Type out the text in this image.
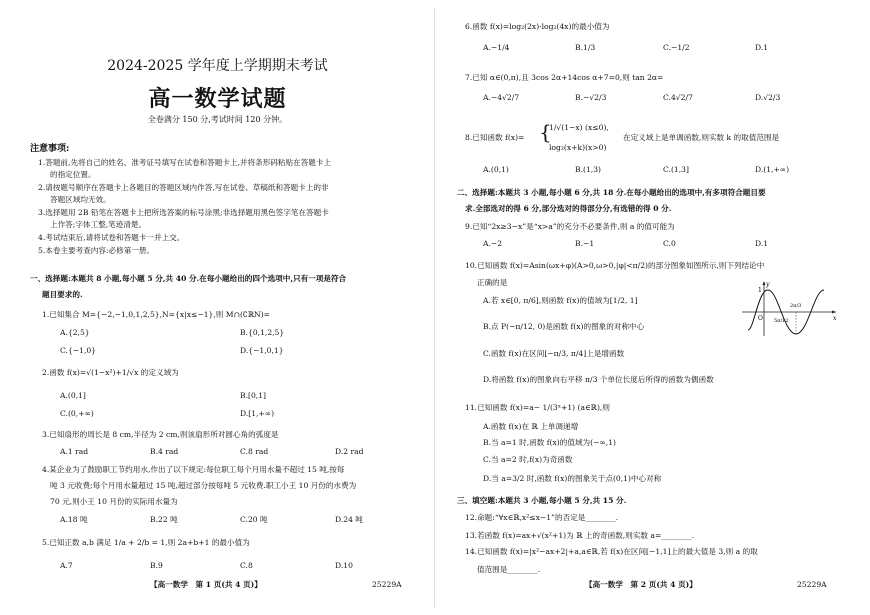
2024-2025 学年度上学期期末考试
高一数学试题
全卷满分 150 分,考试时间 120 分钟。
注意事项:
1.答题前,先将自己的姓名、准考证号填写在试卷和答题卡上,并将条形码粘贴在答题卡上
的指定位置。
2.请按题号顺序在答题卡上各题目的答题区域内作答,写在试卷、草稿纸和答题卡上的非
答题区域均无效。
3.选择题用 2B 铅笔在答题卡上把所选答案的标号涂黑;非选择题用黑色签字笔在答题卡
上作答;字体工整,笔迹清楚。
4.考试结束后,请将试卷和答题卡一并上交。
5.本卷主要考查内容:必修第一册。
一、选择题:本题共 8 小题,每小题 5 分,共 40 分.在每小题给出的四个选项中,只有一项是符合
题目要求的.
1.已知集合 M={−2,−1,0,1,2,5},N={x|x≤−1},则 M∩(∁ℝN)=
A.{2,5}	B.{0,1,2,5}
C.{−1,0}	D.{−1,0,1}
2.函数 f(x)=√(1−x²)+1/√x 的定义域为
A.(0,1]	B.[0,1]
C.(0,+∞)	D.[1,+∞)
3.已知扇形的周长是 8 cm,半径为 2 cm,则该扇形所对圆心角的弧度是
A.1 rad	B.4 rad	C.8 rad	D.2 rad
4.某企业为了鼓励职工节约用水,作出了以下规定:每位职工每个月用水量不超过 15 吨,按每
吨 3 元收费;每个月用水量超过 15 吨,超过部分按每吨 5 元收费.职工小王 10 月份的水费为
70 元,则小王 10 月份的实际用水量为
A.18 吨	B.22 吨	C.20 吨	D.24 吨
5.已知正数 a,b 满足 1/a + 2/b = 1,则 2a+b+1 的最小值为
A.7	B.9	C.8	D.10
【高一数学　第 1 页(共 4 页)】	25229A
6.函数 f(x)=log₂(2x)·log₂(4x)的最小值为
A.−1/4	B.1/3	C.−1/2	D.1
7.已知 α∈(0,π),且 3cos 2α+14cos α+7=0,则 tan 2α=
A.−4√2/7	B.−√2/3	C.4√2/7	D.√2/3
8.已知函数 f(x)= {
1/√(1−x) (x≤0),
log₂(x+k)(x>0)
在定义域上是单调函数,则实数 k 的取值范围是
A.(0,1)	B.(1,3)	C.(1,3]	D.(1,+∞)
二、选择题:本题共 3 小题,每小题 6 分,共 18 分.在每小题给出的选项中,有多项符合题目要
求.全部选对的得 6 分,部分选对的得部分分,有选错的得 0 分.
9.已知“2x≥3−x”是“x>a”的充分不必要条件,则 a 的值可能为
A.−2	B.−1	C.0	D.1
10.已知函数 f(x)=Asin(ωx+φ)(A>0,ω>0,|φ|<π/2)的部分图象如图所示,则下列结论中
正确的是
A.若 x∈[0, π/6],则函数 f(x)的值域为[1/2, 1]
B.点 P(−π/12, 0)是函数 f(x)的图象的对称中心
C.函数 f(x)在区间[−π/3, π/4]上是增函数
D.将函数 f(x)的图象向右平移 π/3 个单位长度后所得的函数为偶函数
y
x
O
1
5π/12
2π/3
11.已知函数 f(x)=a− 1/(3ˣ+1) (a∈ℝ),则
A.函数 f(x)在 ℝ 上单调递增
B.当 a=1 时,函数 f(x)的值域为(−∞,1)
C.当 a=2 时,f(x)为奇函数
D.当 a=3/2 时,函数 f(x)的图象关于点(0,1)中心对称
三、填空题:本题共 3 小题,每小题 5 分,共 15 分.
12.命题:“∀x∈ℝ,x²≤x−1”的否定是________.
13.若函数 f(x)=ax+√(x²+1)为 ℝ 上的奇函数,则实数 a=________.
14.已知函数 f(x)=|x²−ax+2|+a,a∈ℝ,若 f(x)在区间[−1,1]上的最大值是 3,则 a 的取
值范围是________.
【高一数学　第 2 页(共 4 页)】	25229A
